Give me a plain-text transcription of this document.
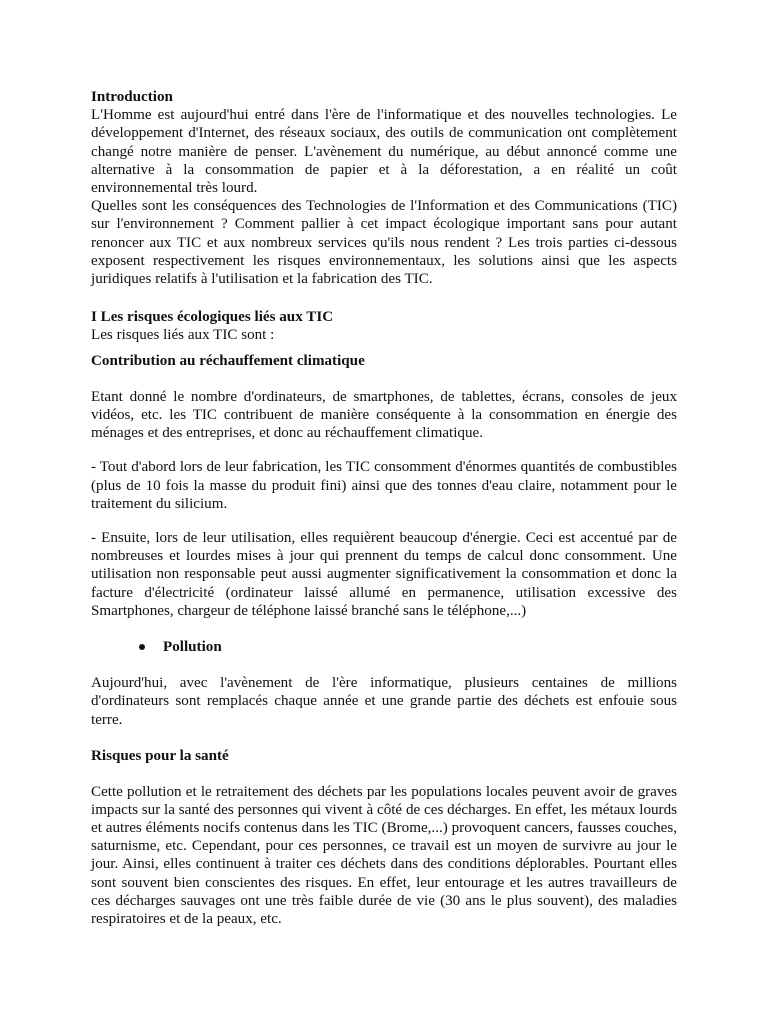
Introduction

L'Homme est aujourd'hui entré dans l'ère de l'informatique et des nouvelles technologies. Le développement d'Internet, des réseaux sociaux, des outils de communication ont complètement changé notre manière de penser. L'avènement du numérique, au début annoncé comme une alternative à la consommation de papier et à la déforestation, a en réalité un coût environnemental très lourd.

Quelles sont les conséquences des Technologies de l'Information et des Communications (TIC) sur l'environnement ? Comment pallier à cet impact écologique important sans pour autant renoncer aux TIC et aux nombreux services qu'ils nous rendent ? Les trois parties ci-dessous exposent respectivement les risques environnementaux, les solutions ainsi que les aspects juridiques relatifs à l'utilisation et la fabrication des TIC.

I Les risques écologiques liés aux TIC

Les risques liés aux TIC sont :

Contribution au réchauffement climatique

Etant donné le nombre d'ordinateurs, de smartphones, de tablettes, écrans, consoles de jeux vidéos, etc. les TIC contribuent de manière conséquente à la consommation en énergie des ménages et des entreprises, et donc au réchauffement climatique.

- Tout d'abord lors de leur fabrication, les TIC consomment d'énormes quantités de combustibles (plus de 10 fois la masse du produit fini) ainsi que des tonnes d'eau claire, notamment pour le traitement du silicium.

- Ensuite, lors de leur utilisation, elles requièrent beaucoup d'énergie. Ceci est accentué par de nombreuses et lourdes mises à jour qui prennent du temps de calcul donc consomment. Une utilisation non responsable peut aussi augmenter significativement la consommation et donc la facture d'électricité (ordinateur laissé allumé en permanence, utilisation excessive des Smartphones, chargeur de téléphone laissé branché sans le téléphone,...)

Pollution

Aujourd'hui, avec l'avènement de l'ère informatique, plusieurs centaines de millions d'ordinateurs sont remplacés chaque année et une grande partie des déchets est enfouie sous terre.

Risques pour la santé

Cette pollution et le retraitement des déchets par les populations locales peuvent avoir de graves impacts sur la santé des personnes qui vivent à côté de ces décharges. En effet, les métaux lourds et autres éléments nocifs contenus dans les TIC (Brome,...) provoquent cancers, fausses couches, saturnisme, etc. Cependant, pour ces personnes, ce travail est un moyen de survivre au jour le jour. Ainsi, elles continuent à traiter ces déchets dans des conditions déplorables. Pourtant elles sont souvent bien conscientes des risques. En effet, leur entourage et les autres travailleurs de ces décharges sauvages ont une très faible durée de vie (30 ans le plus souvent), des maladies respiratoires et de la peaux, etc.
